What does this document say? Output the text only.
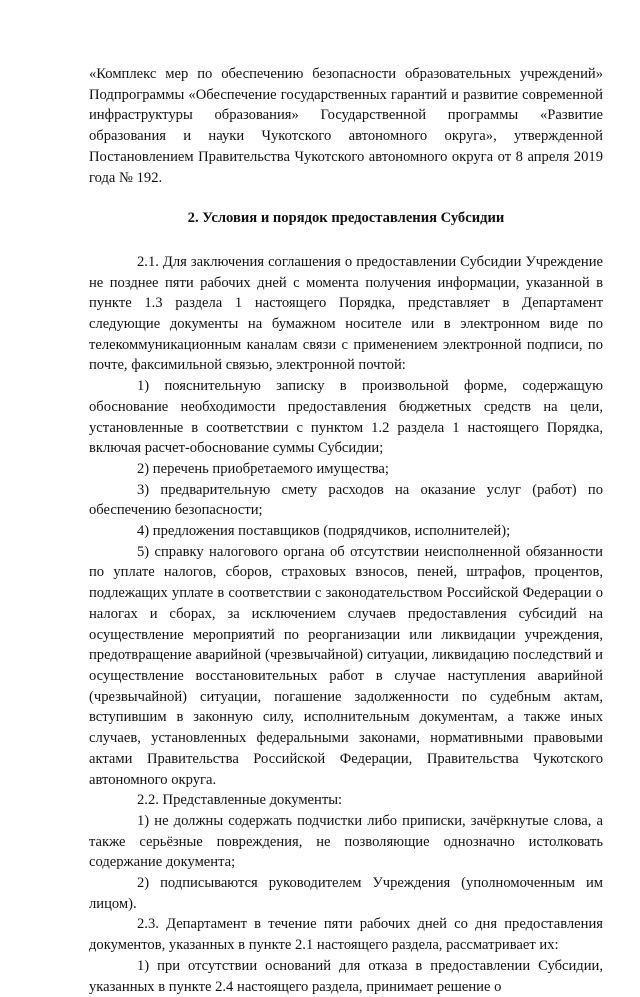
«Комплекс мер по обеспечению безопасности образовательных учреждений» Подпрограммы «Обеспечение государственных гарантий и развитие современной инфраструктуры образования» Государственной программы «Развитие образования и науки Чукотского автономного округа», утвержденной Постановлением Правительства Чукотского автономного округа от 8 апреля 2019 года № 192.

2. Условия и порядок предоставления Субсидии

2.1. Для заключения соглашения о предоставлении Субсидии Учреждение не позднее пяти рабочих дней с момента получения информации, указанной в пункте 1.3 раздела 1 настоящего Порядка, представляет в Департамент следующие документы на бумажном носителе или в электронном виде по телекоммуникационным каналам связи с применением электронной подписи, по почте, факсимильной связью, электронной почтой:

1) пояснительную записку в произвольной форме, содержащую обоснование необходимости предоставления бюджетных средств на цели, установленные в соответствии с пунктом 1.2 раздела 1 настоящего Порядка, включая расчет-обоснование суммы Субсидии;

2) перечень приобретаемого имущества;

3) предварительную смету расходов на оказание услуг (работ) по обеспечению безопасности;

4) предложения поставщиков (подрядчиков, исполнителей);

5) справку налогового органа об отсутствии неисполненной обязанности по уплате налогов, сборов, страховых взносов, пеней, штрафов, процентов, подлежащих уплате в соответствии с законодательством Российской Федерации о налогах и сборах, за исключением случаев предоставления субсидий на осуществление мероприятий по реорганизации или ликвидации учреждения, предотвращение аварийной (чрезвычайной) ситуации, ликвидацию последствий и осуществление восстановительных работ в случае наступления аварийной (чрезвычайной) ситуации, погашение задолженности по судебным актам, вступившим в законную силу, исполнительным документам, а также иных случаев, установленных федеральными законами, нормативными правовыми актами Правительства Российской Федерации, Правительства Чукотского автономного округа.

2.2. Представленные документы:

1) не должны содержать подчистки либо приписки, зачёркнутые слова, а также серьёзные повреждения, не позволяющие однозначно истолковать содержание документа;

2) подписываются руководителем Учреждения (уполномоченным им лицом).

2.3. Департамент в течение пяти рабочих дней со дня предоставления документов, указанных в пункте 2.1 настоящего раздела, рассматривает их:

1) при отсутствии оснований для отказа в предоставлении Субсидии, указанных в пункте 2.4 настоящего раздела, принимает решение о
